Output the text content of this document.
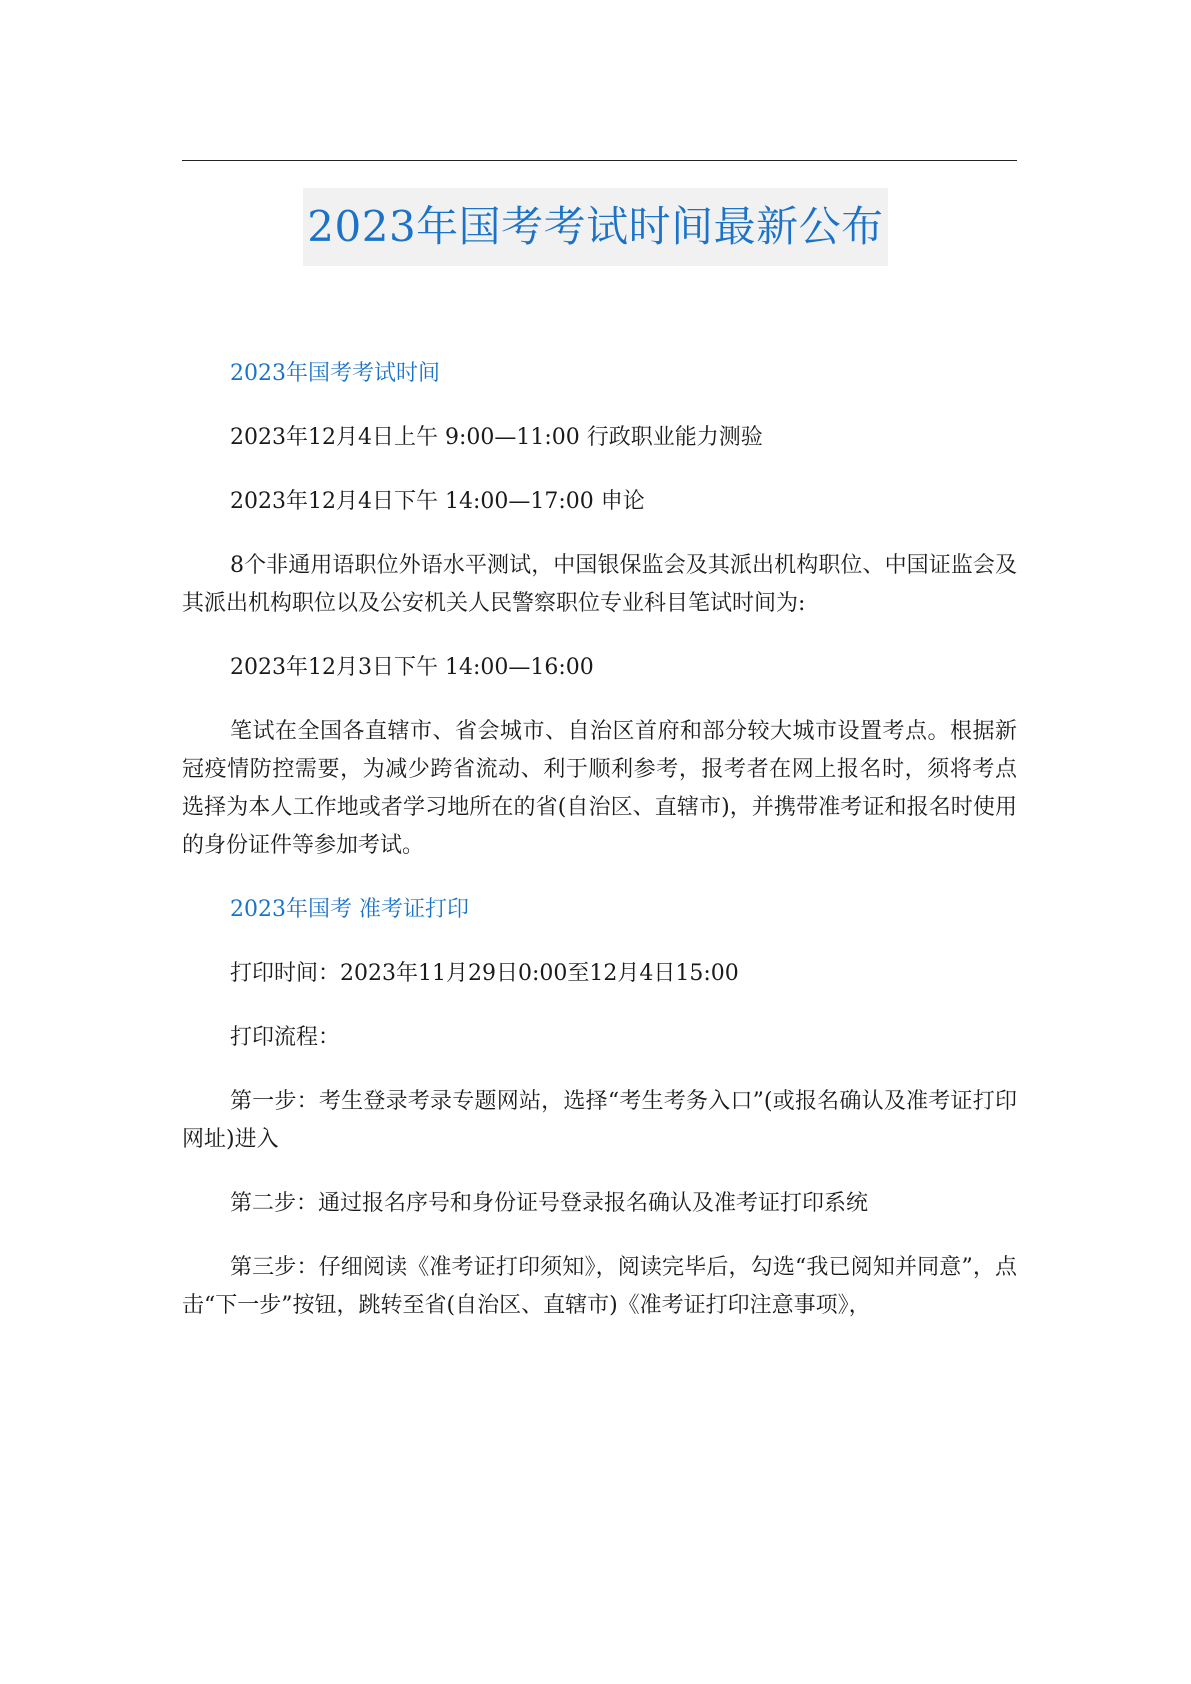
2023年国考考试时间最新公布

2023年国考考试时间

2023年12月4日上午 9:00—11:00 行政职业能力测验

2023年12月4日下午 14:00—17:00 申论

8个非通用语职位外语水平测试，中国银保监会及其派出机构职位、中国证监会及其派出机构职位以及公安机关人民警察职位专业科目笔试时间为:

2023年12月3日下午 14:00—16:00

笔试在全国各直辖市、省会城市、自治区首府和部分较大城市设置考点。根据新冠疫情防控需要，为减少跨省流动、利于顺利参考，报考者在网上报名时，须将考点选择为本人工作地或者学习地所在的省(自治区、直辖市)，并携带准考证和报名时使用的身份证件等参加考试。

2023年国考 准考证打印

打印时间：2023年11月29日0:00至12月4日15:00

打印流程：

第一步：考生登录考录专题网站，选择“考生考务入口”(或报名确认及准考证打印网址)进入

第二步：通过报名序号和身份证号登录报名确认及准考证打印系统

第三步：仔细阅读《准考证打印须知》，阅读完毕后，勾选“我已阅知并同意”，点击“下一步”按钮，跳转至省(自治区、直辖市)《准考证打印注意事项》，
